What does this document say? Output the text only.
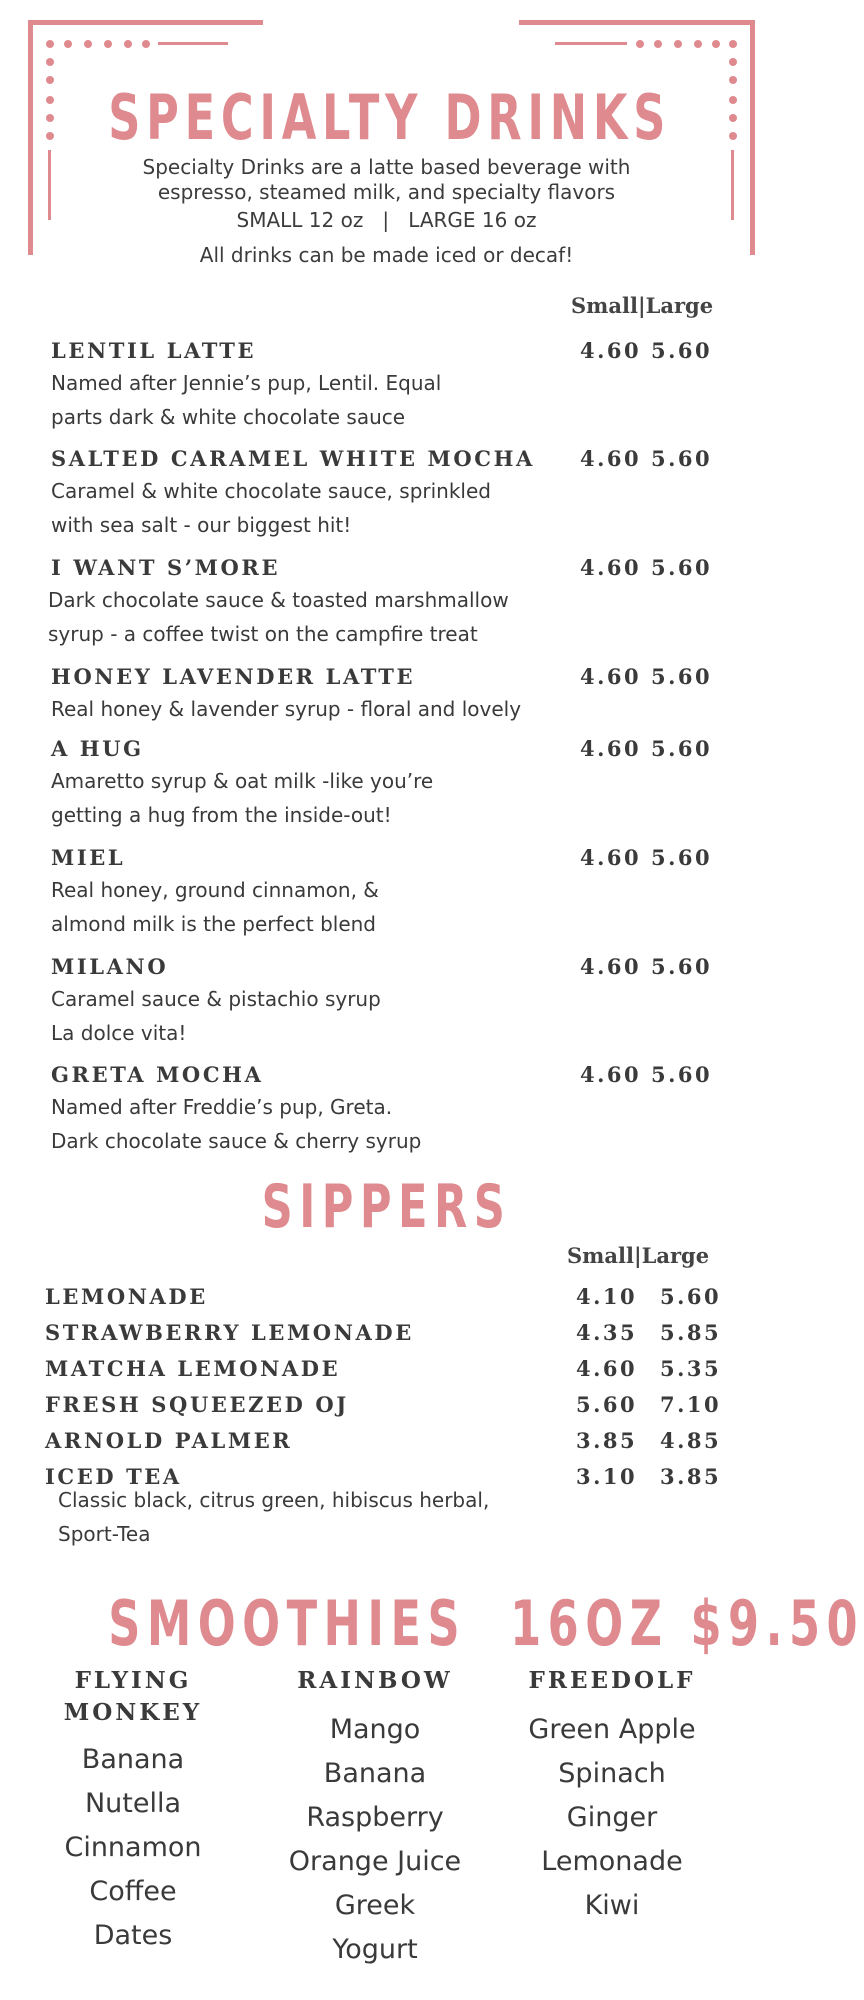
SPECIALTY DRINKS
Specialty Drinks are a latte based beverage with
espresso, steamed milk, and specialty flavors
SMALL 12 oz   |   LARGE 16 oz
All drinks can be made iced or decaf!
Small|Large
LENTIL LATTE	4.60 5.60
Named after Jennie’s pup, Lentil. Equal
parts dark & white chocolate sauce
SALTED CARAMEL WHITE MOCHA 4.60 5.60
Caramel & white chocolate sauce, sprinkled
with sea salt - our biggest hit!
I WANT S’MORE	4.60 5.60
Dark chocolate sauce & toasted marshmallow
syrup - a coffee twist on the campfire treat
HONEY LAVENDER LATTE	4.60 5.60
Real honey & lavender syrup - floral and lovely
A HUG	4.60 5.60
Amaretto syrup & oat milk -like you’re
getting a hug from the inside-out!
MIEL	4.60 5.60
Real honey, ground cinnamon, &
almond milk is the perfect blend
MILANO	4.60 5.60
Caramel sauce & pistachio syrup
La dolce vita!
GRETA MOCHA	4.60 5.60
Named after Freddie’s pup, Greta.
Dark chocolate sauce & cherry syrup
SIPPERS
Small|Large
LEMONADE	4.10 5.60
STRAWBERRY LEMONADE	4.35 5.85
MATCHA LEMONADE	4.60 5.35
FRESH SQUEEZED OJ	5.60 7.10
ARNOLD PALMER	3.85 4.85
ICED TEA	3.10 3.85
Classic black, citrus green, hibiscus herbal,
Sport-Tea
SMOOTHIES  16OZ $9.50
FLYING
MONKEY
Banana
Nutella
Cinnamon
Coffee
Dates
RAINBOW
Mango
Banana
Raspberry
Orange Juice
Greek
Yogurt
FREEDOLF
Green Apple
Spinach
Ginger
Lemonade
Kiwi
